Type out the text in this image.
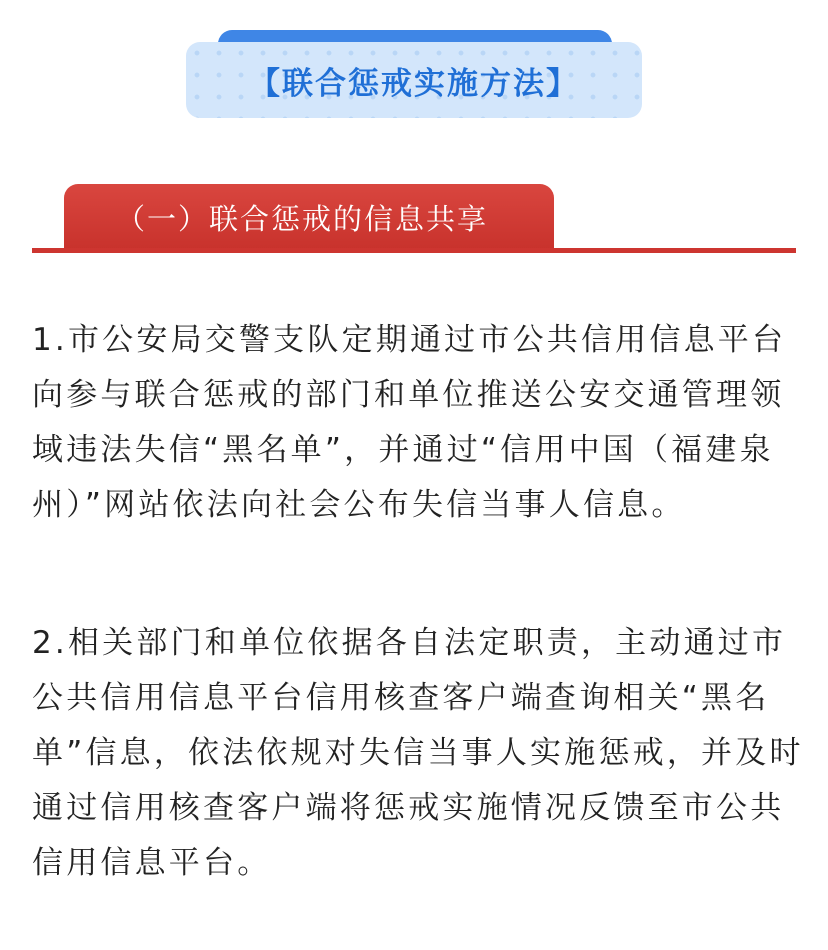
【联合惩戒实施方法】
（一）联合惩戒的信息共享

1.市公安局交警支队定期通过市公共信用信息平台
向参与联合惩戒的部门和单位推送公安交通管理领
域违法失信“黑名单”，并通过“信用中国（福建泉
州）”网站依法向社会公布失信当事人信息。

2.相关部门和单位依据各自法定职责，主动通过市
公共信用信息平台信用核查客户端查询相关“黑名
单”信息，依法依规对失信当事人实施惩戒，并及时
通过信用核查客户端将惩戒实施情况反馈至市公共
信用信息平台。
